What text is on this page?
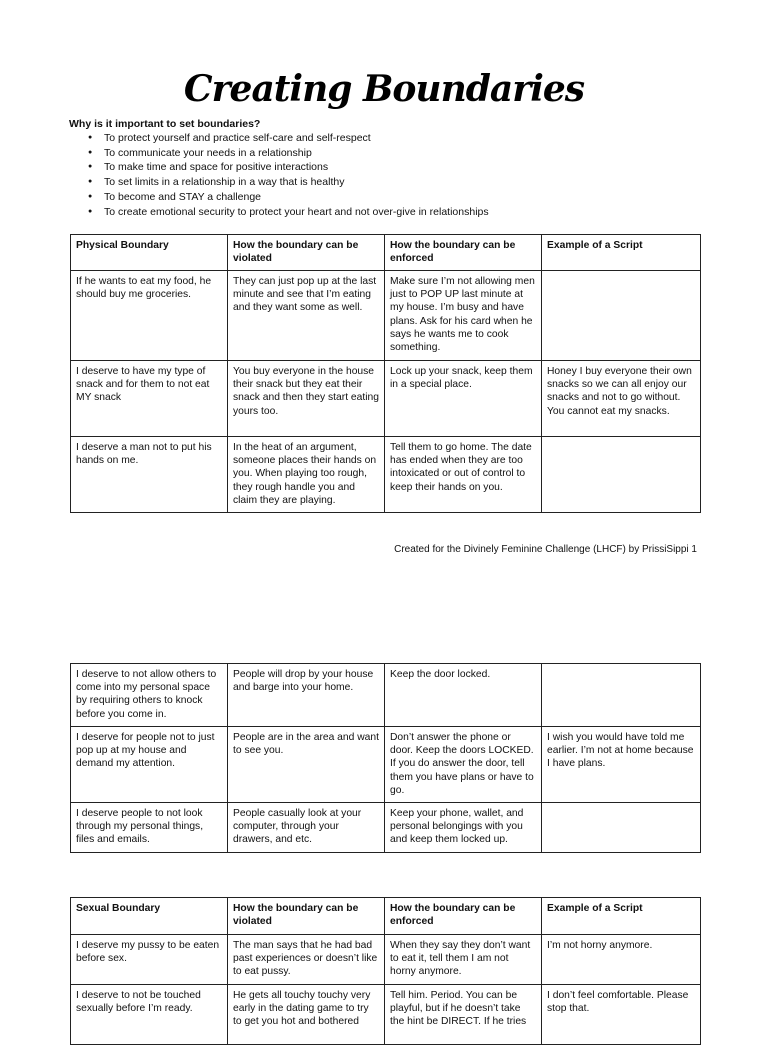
Creating Boundaries

Why is it important to set boundaries?

● To protect yourself and practice self-care and self-respect
● To communicate your needs in a relationship
● To make time and space for positive interactions
● To set limits in a relationship in a way that is healthy
● To become and STAY a challenge
● To create emotional security to protect your heart and not over-give in relationships
Physical Boundary	How the boundary can be violated	How the boundary can be enforced	Example of a Script
If he wants to eat my food, he should buy me groceries.	They can just pop up at the last minute and see that I’m eating and they want some as well.	Make sure I’m not allowing men just to POP UP last minute at my house. I’m busy and have plans. Ask for his card when he says he wants me to cook something.	
I deserve to have my type of snack and for them to not eat MY snack	You buy everyone in the house their snack but they eat their snack and then they start eating yours too.	Lock up your snack, keep them in a special place.	Honey I buy everyone their own snacks so we can all enjoy our snacks and not to go without. You cannot eat my snacks.
I deserve a man not to put his hands on me.	In the heat of an argument, someone places their hands on you. When playing too rough, they rough handle you and claim they are playing.	Tell them to go home. The date has ended when they are too intoxicated or out of control to keep their hands on you.	

Created for the Divinely Feminine Challenge (LHCF) by PrissiSippi 1

I deserve to not allow others to come into my personal space by requiring others to knock before you come in.	People will drop by your house and barge into your home.	Keep the door locked.	
I deserve for people not to just pop up at my house and demand my attention.	People are in the area and want to see you.	Don’t answer the phone or door. Keep the doors LOCKED. If you do answer the door, tell them you have plans or have to go.	I wish you would have told me earlier. I’m not at home because I have plans.
I deserve people to not look through my personal things, files and emails.	People casually look at your computer, through your drawers, and etc.	Keep your phone, wallet, and personal belongings with you and keep them locked up.	
Sexual Boundary	How the boundary can be violated	How the boundary can be enforced	Example of a Script
I deserve my pussy to be eaten before sex.	The man says that he had bad past experiences or doesn’t like to eat pussy.	When they say they don’t want to eat it, tell them I am not horny anymore.	I’m not horny anymore.
I deserve to not be touched sexually before I’m ready.	He gets all touchy touchy very early in the dating game to try to get you hot and bothered	Tell him. Period. You can be playful, but if he doesn’t take the hint be DIRECT. If he tries	I don’t feel comfortable. Please stop that.
